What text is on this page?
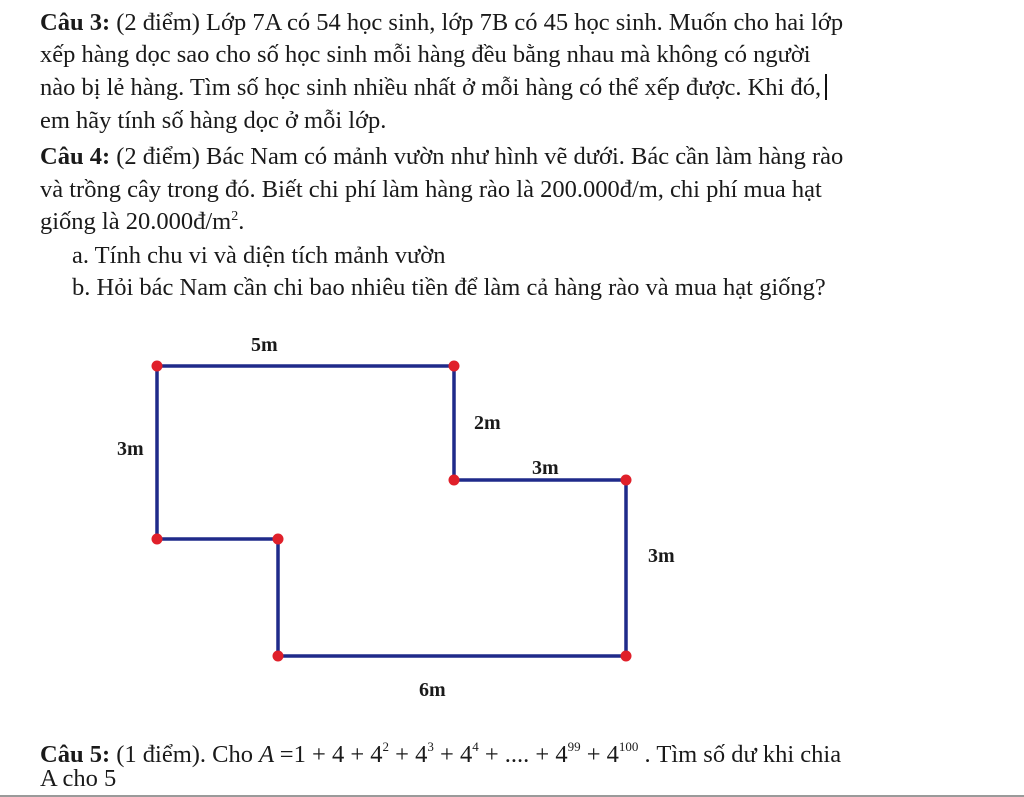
Câu 3: (2 điểm) Lớp 7A có 54 học sinh, lớp 7B có 45 học sinh. Muốn cho hai lớp
xếp hàng dọc sao cho số học sinh mỗi hàng đều bằng nhau mà không có người
nào bị lẻ hàng. Tìm số học sinh nhiều nhất ở mỗi hàng có thể xếp được. Khi đó,
em hãy tính số hàng dọc ở mỗi lớp.
Câu 4: (2 điểm) Bác Nam có mảnh vườn như hình vẽ dưới. Bác cần làm hàng rào
và trồng cây trong đó. Biết chi phí làm hàng rào là 200.000đ/m, chi phí mua hạt
giống là $20.000đ/m^2$.
a. Tính chu vi và diện tích mảnh vườn
b. Hỏi bác Nam cần chi bao nhiêu tiền để làm cả hàng rào và mua hạt giống?
5m
3m
2m
3m
3m
6m
Câu 5: (1 điểm). Cho $A =1 + 4 + 4^2 + 4^3 + 4^4$ + .... + $4^{99} + 4^{100}$ . Tìm số dư khi chia
A cho 5
